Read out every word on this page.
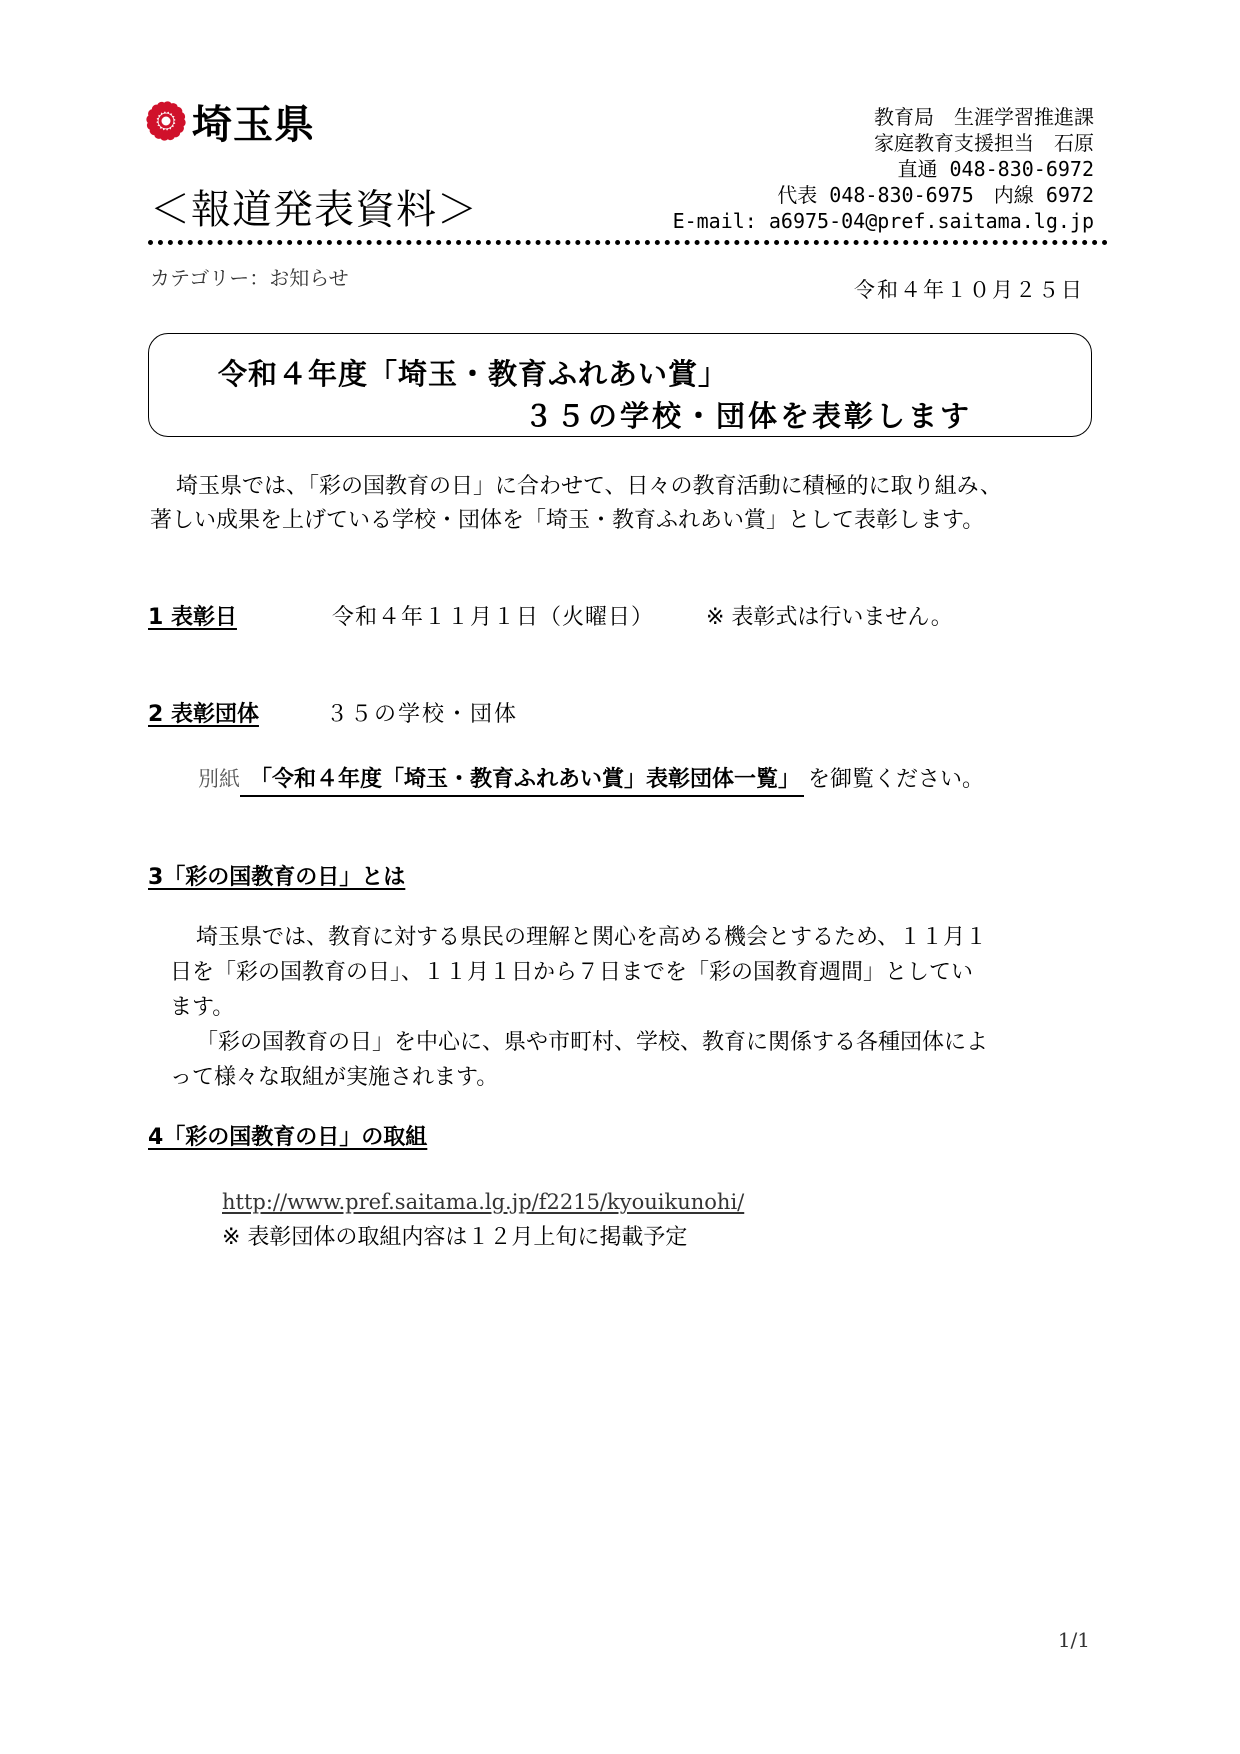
埼玉県
＜報道発表資料＞
教育局　生涯学習推進課
家庭教育支援担当　石原
直通 048-830-6972
代表 048-830-6975　内線 6972
E-mail: a6975-04@pref.saitama.lg.jp
カテゴリー：お知らせ	令和４年１０月２５日
令和４年度「埼玉・教育ふれあい賞」
３５の学校・団体を表彰します
埼玉県では、「彩の国教育の日」に合わせて、日々の教育活動に積極的に取り組み、
著しい成果を上げている学校・団体を「埼玉・教育ふれあい賞」として表彰します。
1 表彰日	令和４年１１月１日（火曜日） ※ 表彰式は行いません。
2 表彰団体	３５の学校・団体
別紙 「令和４年度「埼玉・教育ふれあい賞」表彰団体一覧」 を御覧ください。
3「彩の国教育の日」とは
埼玉県では、教育に対する県民の理解と関心を高める機会とするため、１１月１
日を「彩の国教育の日」、１１月１日から７日までを「彩の国教育週間」としてい
ます。
「彩の国教育の日」を中心に、県や市町村、学校、教育に関係する各種団体によ
って様々な取組が実施されます。
4「彩の国教育の日」の取組
http://www.pref.saitama.lg.jp/f2215/kyouikunohi/
※ 表彰団体の取組内容は１２月上旬に掲載予定
1/1
